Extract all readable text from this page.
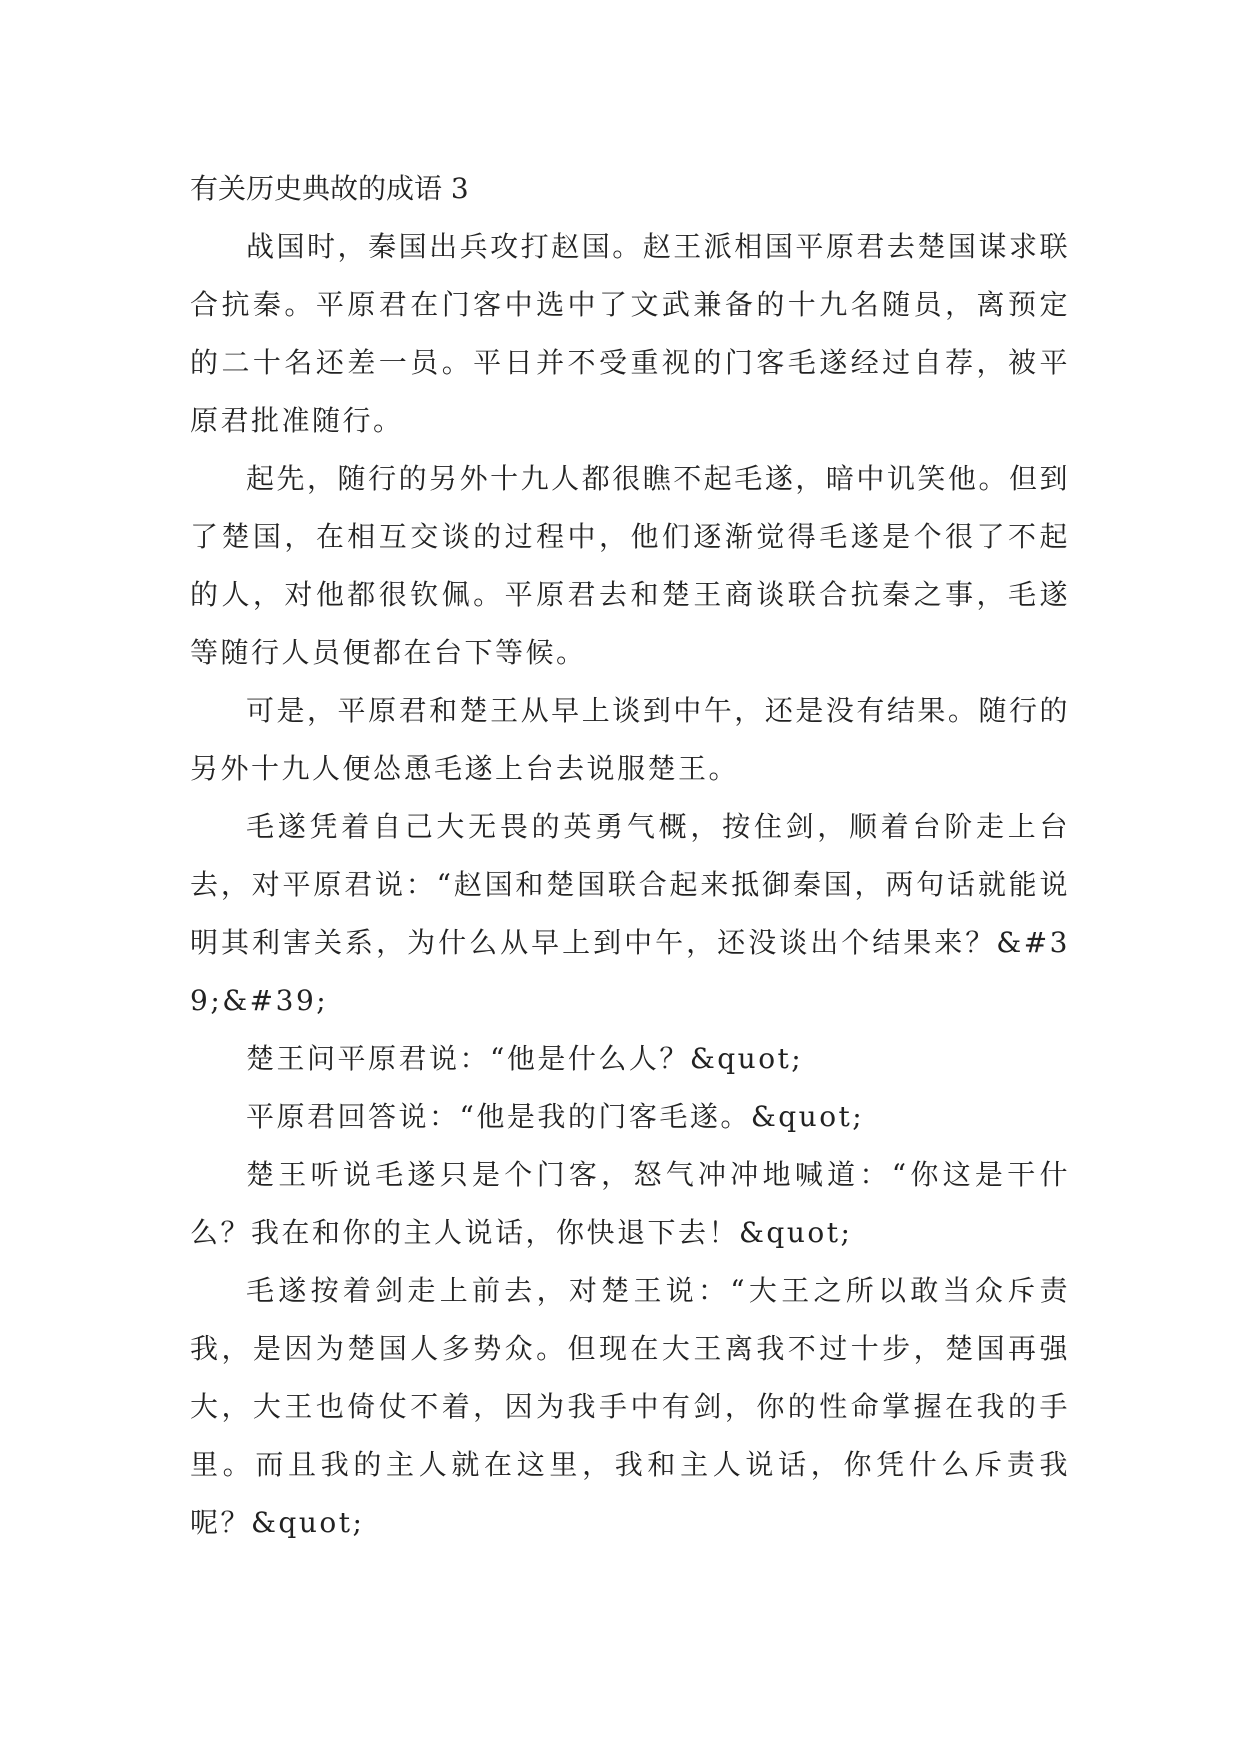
有关历史典故的成语 3

战国时，秦国出兵攻打赵国。赵王派相国平原君去楚国谋求联合抗秦。平原君在门客中选中了文武兼备的十九名随员，离预定的二十名还差一员。平日并不受重视的门客毛遂经过自荐，被平原君批准随行。

起先，随行的另外十九人都很瞧不起毛遂，暗中讥笑他。但到了楚国，在相互交谈的过程中，他们逐渐觉得毛遂是个很了不起的人，对他都很钦佩。平原君去和楚王商谈联合抗秦之事，毛遂等随行人员便都在台下等候。

可是，平原君和楚王从早上谈到中午，还是没有结果。随行的另外十九人便怂恿毛遂上台去说服楚王。

毛遂凭着自己大无畏的英勇气概，按住剑，顺着台阶走上台去，对平原君说：“赵国和楚国联合起来抵御秦国，两句话就能说明其利害关系，为什么从早上到中午，还没谈出个结果来？&#39;&#39;

楚王问平原君说：“他是什么人？&quot;

平原君回答说：“他是我的门客毛遂。&quot;

楚王听说毛遂只是个门客，怒气冲冲地喊道：“你这是干什么？我在和你的主人说话，你快退下去！&quot;

毛遂按着剑走上前去，对楚王说：“大王之所以敢当众斥责我，是因为楚国人多势众。但现在大王离我不过十步，楚国再强大，大王也倚仗不着，因为我手中有剑，你的性命掌握在我的手里。而且我的主人就在这里，我和主人说话，你凭什么斥责我呢？&quot;
